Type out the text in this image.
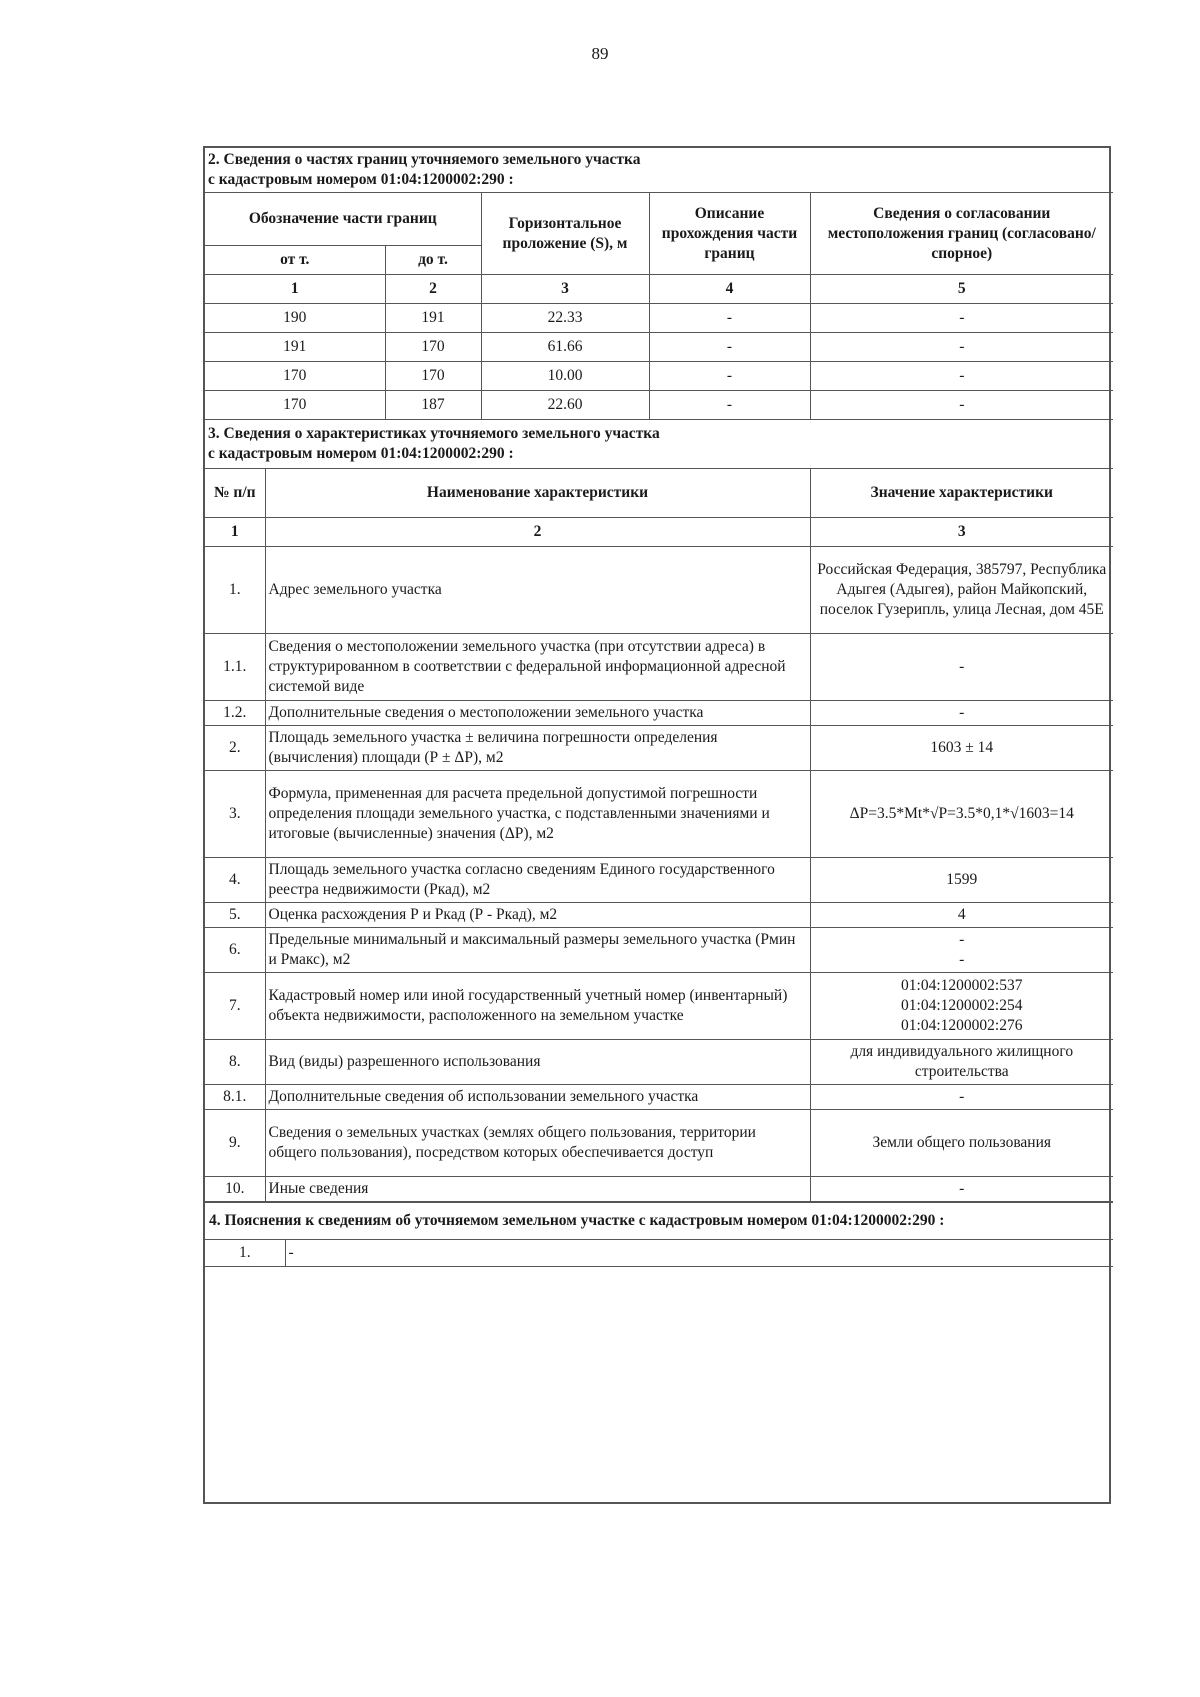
89
2. Сведения о частях границ уточняемого земельного участка
с кадастровым номером 01:04:1200002:290 :				
Обозначение части границ		Горизонтальное проложение (S), м	Описание прохождения части границ	Сведения о согласовании местоположения границ (согласовано/спорное)
от т.	до т.			
1	2	3	4	5
190	191	22.33	-	-
191	170	61.66	-	-
170	170	10.00	-	-
170	187	22.60	-	-
3. Сведения о характеристиках уточняемого земельного участка
с кадастровым номером 01:04:1200002:290 :		
№ п/п	Наименование характеристики	Значение характеристики
1	2	3
1.	Адрес земельного участка	Российская Федерация, 385797, Республика Адыгея (Адыгея), район Майкопский, поселок Гузерипль, улица Лесная, дом 45Е
1.1.	Сведения о местоположении земельного участка (при отсутствии адреса) в структурированном в соответствии с федеральной информационной адресной системой виде	-
1.2.	Дополнительные сведения о местоположении земельного участка	-
2.	Площадь земельного участка ± величина погрешности определения (вычисления) площади (Р ± ΔР), м2	1603 ± 14
3.	Формула, примененная для расчета предельной допустимой погрешности определения площади земельного участка, с подставленными значениями и итоговые (вычисленные) значения (ΔР), м2	ΔР=3.5*Mt*√P=3.5*0,1*√1603=14
4.	Площадь земельного участка согласно сведениям Единого государственного реестра недвижимости (Ркад), м2	1599
5.	Оценка расхождения Р и Ркад (Р - Ркад), м2	4
6.	Предельные минимальный и максимальный размеры земельного участка (Рмин и Рмакс), м2	-
-
7.	Кадастровый номер или иной государственный учетный номер (инвентарный) объекта недвижимости, расположенного на земельном участке	01:04:1200002:537
01:04:1200002:254
01:04:1200002:276
8.	Вид (виды) разрешенного использования	для индивидуального жилищного строительства
8.1.	Дополнительные сведения об использовании земельного участка	-
9.	Сведения о земельных участках (землях общего пользования, территории общего пользования), посредством которых обеспечивается доступ	Земли общего пользования
10.	Иные сведения	-
4. Пояснения к сведениям об уточняемом земельном участке с кадастровым номером 01:04:1200002:290 :
1.	-
